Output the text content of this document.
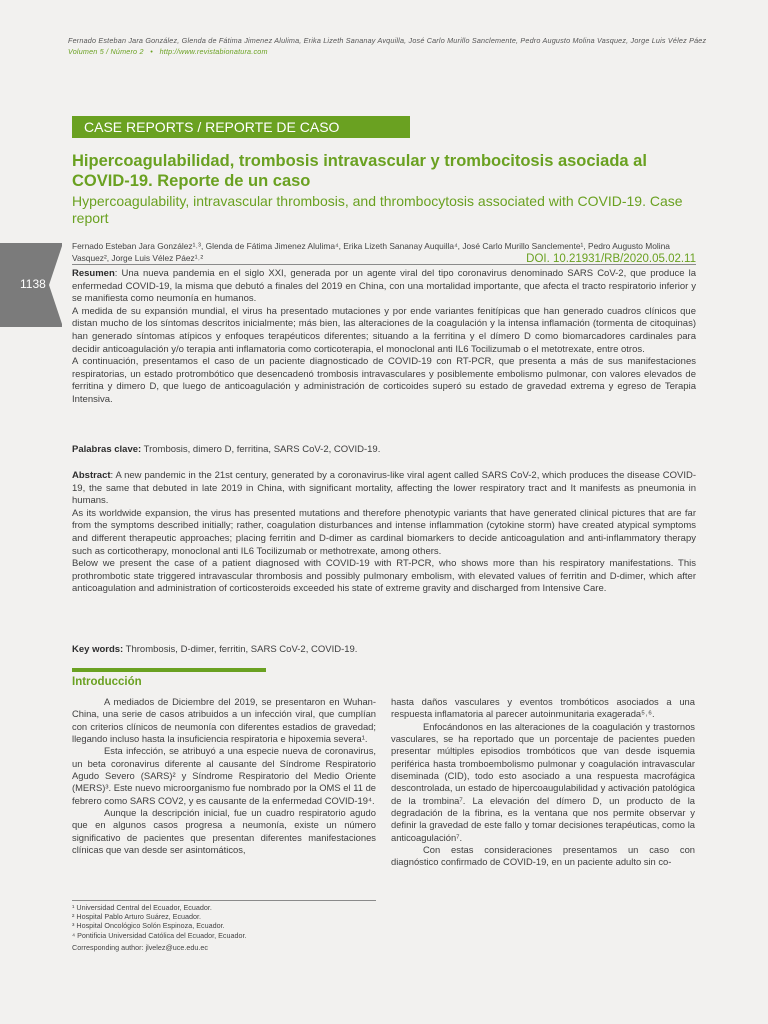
Fernado Esteban Jara González, Glenda de Fátima Jimenez Alulima, Erika Lizeth Sananay Avquilla, José Carlo Murillo Sanclemente, Pedro Augusto Molina Vasquez, Jorge Luis Vélez Páez
Volumen 5 / Número 2 • http://www.revistabionatura.com
1138
CASE REPORTS / REPORTE DE CASO
Hipercoagulabilidad, trombosis intravascular y trombocitosis asociada al COVID-19. Reporte de un caso
Hypercoagulability, intravascular thrombosis, and thrombocytosis associated with COVID-19. Case report
Fernado Esteban Jara González¹˒³, Glenda de Fátima Jimenez Alulima⁴, Erika Lizeth Sananay Auquilla⁴, José Carlo Murillo Sanclemente¹, Pedro Augusto Molina Vasquez², Jorge Luis Vélez Páez¹˒²	DOI. 10.21931/RB/2020.05.02.11
Resumen: Una nueva pandemia en el siglo XXI, generada por un agente viral del tipo coronavirus denominado SARS CoV-2, que produce la enfermedad COVID-19, la misma que debutó a finales del 2019 en China, con una mortalidad importante, que afecta el tracto respiratorio inferior y se manifiesta como neumonía en humanos.
A medida de su expansión mundial, el virus ha presentado mutaciones y por ende variantes fenitípicas que han generado cuadros clínicos que distan mucho de los síntomas descritos inicialmente; más bien, las alteraciones de la coagulación y la intensa inflamación (tormenta de citoquinas) han generado síntomas atípicos y enfoques terapéuticos diferentes; situando a la ferritina y el dímero D como biomarcadores cardinales para decidir anticoagulación y/o terapia anti inflamatoria como corticoterapia, el monoclonal anti IL6 Tocilizumab o el metotrexate, entre otros.
A continuación, presentamos el caso de un paciente diagnosticado de COVID-19 con RT-PCR, que presenta a más de sus manifestaciones respiratorias, un estado protrombótico que desencadenó trombosis intravasculares y posiblemente embolismo pulmonar, con valores elevados de ferritina y dimero D, que luego de anticoagulación y administración de corticoides superó su estado de gravedad extrema y egreso de Terapia Intensiva.
Palabras clave: Trombosis, dimero D, ferritina, SARS CoV-2, COVID-19.
Abstract: A new pandemic in the 21st century, generated by a coronavirus-like viral agent called SARS CoV-2, which produces the disease COVID-19, the same that debuted in late 2019 in China, with significant mortality, affecting the lower respiratory tract and It manifests as pneumonia in humans.
As its worldwide expansion, the virus has presented mutations and therefore phenotypic variants that have generated clinical pictures that are far from the symptoms described initially; rather, coagulation disturbances and intense inflammation (cytokine storm) have created atypical symptoms and different therapeutic approaches; placing ferritin and D-dimer as cardinal biomarkers to decide anticoagulation and anti-inflammatory therapy such as corticotherapy, monoclonal anti IL6 Tocilizumab or methotrexate, among others.
Below we present the case of a patient diagnosed with COVID-19 with RT-PCR, who shows more than his respiratory manifestations. This prothrombotic state triggered intravascular thrombosis and possibly pulmonary embolism, with elevated values of ferritin and D-dimer, which after anticoagulation and administration of corticosteroids exceeded his state of extreme gravity and discharged from Intensive Care.
Key words: Thrombosis, D-dimer, ferritin, SARS CoV-2, COVID-19.
Introducción

A mediados de Diciembre del 2019, se presentaron en Wuhan-China, una serie de casos atribuidos a un infección viral, que cumplían con criterios clínicos de neumonía con diferentes estadios de gravedad; llegando incluso hasta la insuficiencia respiratoria e hipoxemia severa¹.

Esta infección, se atribuyó a una especie nueva de coronavirus, un beta coronavirus diferente al causante del Síndrome Respiratorio Agudo Severo (SARS)² y Síndrome Respiratorio del Medio Oriente (MERS)³. Este nuevo microorganismo fue nombrado por la OMS el 11 de febrero como SARS COV2, y es causante de la enfermedad COVID-19⁴.

Aunque la descripción inicial, fue un cuadro respiratorio agudo que en algunos casos progresa a neumonía, existe un número significativo de pacientes que presentan diferentes manifestaciones clínicas que van desde ser asintomáticos,

hasta daños vasculares y eventos trombóticos asociados a una respuesta inflamatoria al parecer autoinmunitaria exagerada⁵˒⁶.

Enfocándonos en las alteraciones de la coagulación y trastornos vasculares, se ha reportado que un porcentaje de pacientes pueden presentar múltiples episodios trombóticos que van desde isquemia periférica hasta tromboembolismo pulmonar y coagulación intravascular diseminada (CID), todo esto asociado a una respuesta macrofágica descontrolada, un estado de hipercoaugulabilidad y activación patológica de la trombina⁷. La elevación del dímero D, un producto de la degradación de la fibrina, es la ventana que nos permite observar y definir la gravedad de este fallo y tomar decisiones terapéuticas, como la anticoagulación⁷.

Con estas consideraciones presentamos un caso con diagnóstico confirmado de COVID-19, en un paciente adulto sin co-

¹ Universidad Central del Ecuador, Ecuador.
² Hospital Pablo Arturo Suárez, Ecuador.
³ Hospital Oncológico Solón Espinoza, Ecuador.
⁴ Pontificia Universidad Católica del Ecuador, Ecuador.
Corresponding author: jlvelez@uce.edu.ec
